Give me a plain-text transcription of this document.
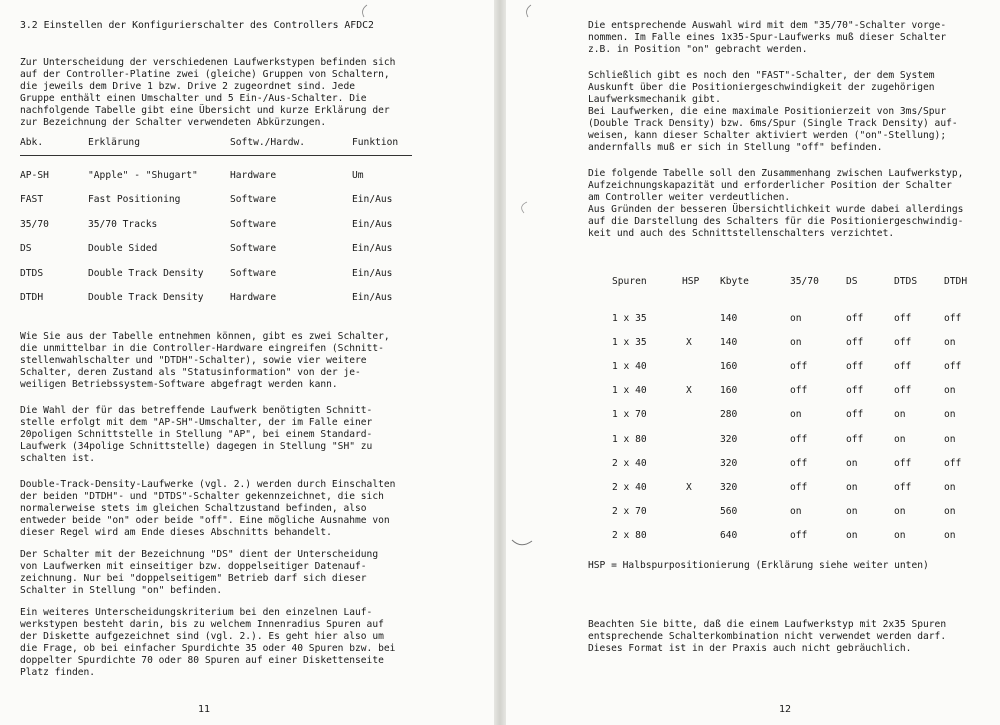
3.2 Einstellen der Konfigurierschalter des Controllers AFDC2
Zur Unterscheidung der verschiedenen Laufwerkstypen befinden sich
auf der Controller-Platine zwei (gleiche) Gruppen von Schaltern,
die jeweils dem Drive 1 bzw. Drive 2 zugeordnet sind. Jede
Gruppe enthält einen Umschalter und 5 Ein-/Aus-Schalter. Die
nachfolgende Tabelle gibt eine Übersicht und kurze Erklärung der
zur Bezeichnung der Schalter verwendeten Abkürzungen.
Abk.	Erklärung	Softw./Hardw.	Funktion
AP-SH	"Apple" - "Shugart"	Hardware	Um
FAST	Fast Positioning	Software	Ein/Aus
35/70	35/70 Tracks	Software	Ein/Aus
DS	Double Sided	Software	Ein/Aus
DTDS	Double Track Density	Software	Ein/Aus
DTDH	Double Track Density	Hardware	Ein/Aus
Wie Sie aus der Tabelle entnehmen können, gibt es zwei Schalter,
die unmittelbar in die Controller-Hardware eingreifen (Schnitt-
stellenwahlschalter und "DTDH"-Schalter), sowie vier weitere
Schalter, deren Zustand als "Statusinformation" von der je-
weiligen Betriebssystem-Software abgefragt werden kann.
Die Wahl der für das betreffende Laufwerk benötigten Schnitt-
stelle erfolgt mit dem "AP-SH"-Umschalter, der im Falle einer
20poligen Schnittstelle in Stellung "AP", bei einem Standard-
Laufwerk (34polige Schnittstelle) dagegen in Stellung "SH" zu
schalten ist.
Double-Track-Density-Laufwerke (vgl. 2.) werden durch Einschalten
der beiden "DTDH"- und "DTDS"-Schalter gekennzeichnet, die sich
normalerweise stets im gleichen Schaltzustand befinden, also
entweder beide "on" oder beide "off". Eine mögliche Ausnahme von
dieser Regel wird am Ende dieses Abschnitts behandelt.
Der Schalter mit der Bezeichnung "DS" dient der Unterscheidung
von Laufwerken mit einseitiger bzw. doppelseitiger Datenauf-
zeichnung. Nur bei "doppelseitigem" Betrieb darf sich dieser
Schalter in Stellung "on" befinden.
Ein weiteres Unterscheidungskriterium bei den einzelnen Lauf-
werkstypen besteht darin, bis zu welchem Innenradius Spuren auf
der Diskette aufgezeichnet sind (vgl. 2.). Es geht hier also um
die Frage, ob bei einfacher Spurdichte 35 oder 40 Spuren bzw. bei
doppelter Spurdichte 70 oder 80 Spuren auf einer Diskettenseite
Platz finden.
11
Die entsprechende Auswahl wird mit dem "35/70"-Schalter vorge-
nommen. Im Falle eines 1x35-Spur-Laufwerks muß dieser Schalter
z.B. in Position "on" gebracht werden.
Schließlich gibt es noch den "FAST"-Schalter, der dem System
Auskunft über die Positioniergeschwindigkeit der zugehörigen
Laufwerksmechanik gibt.
Bei Laufwerken, die eine maximale Positionierzeit von 3ms/Spur
(Double Track Density) bzw. 6ms/Spur (Single Track Density) auf-
weisen, kann dieser Schalter aktiviert werden ("on"-Stellung);
andernfalls muß er sich in Stellung "off" befinden.
Die folgende Tabelle soll den Zusammenhang zwischen Laufwerkstyp,
Aufzeichnungskapazität und erforderlicher Position der Schalter
am Controller weiter verdeutlichen.
Aus Gründen der besseren Übersichtlichkeit wurde dabei allerdings
auf die Darstellung des Schalters für die Positioniergeschwindig-
keit und auch des Schnittstellenschalters verzichtet.
Spuren	HSP	Kbyte	35/70	DS	DTDS	DTDH

1 x 35		140	on	off	off	off
1 x 35	X	140	on	off	off	on
1 x 40		160	off	off	off	off
1 x 40	X	160	off	off	off	on
1 x 70		280	on	off	on	on
1 x 80		320	off	off	on	on
2 x 40		320	off	on	off	off
2 x 40	X	320	off	on	off	on
2 x 70		560	on	on	on	on
2 x 80		640	off	on	on	on
HSP = Halbspurpositionierung (Erklärung siehe weiter unten)
Beachten Sie bitte, daß die einem Laufwerkstyp mit 2x35 Spuren
entsprechende Schalterkombination nicht verwendet werden darf.
Dieses Format ist in der Praxis auch nicht gebräuchlich.
12
